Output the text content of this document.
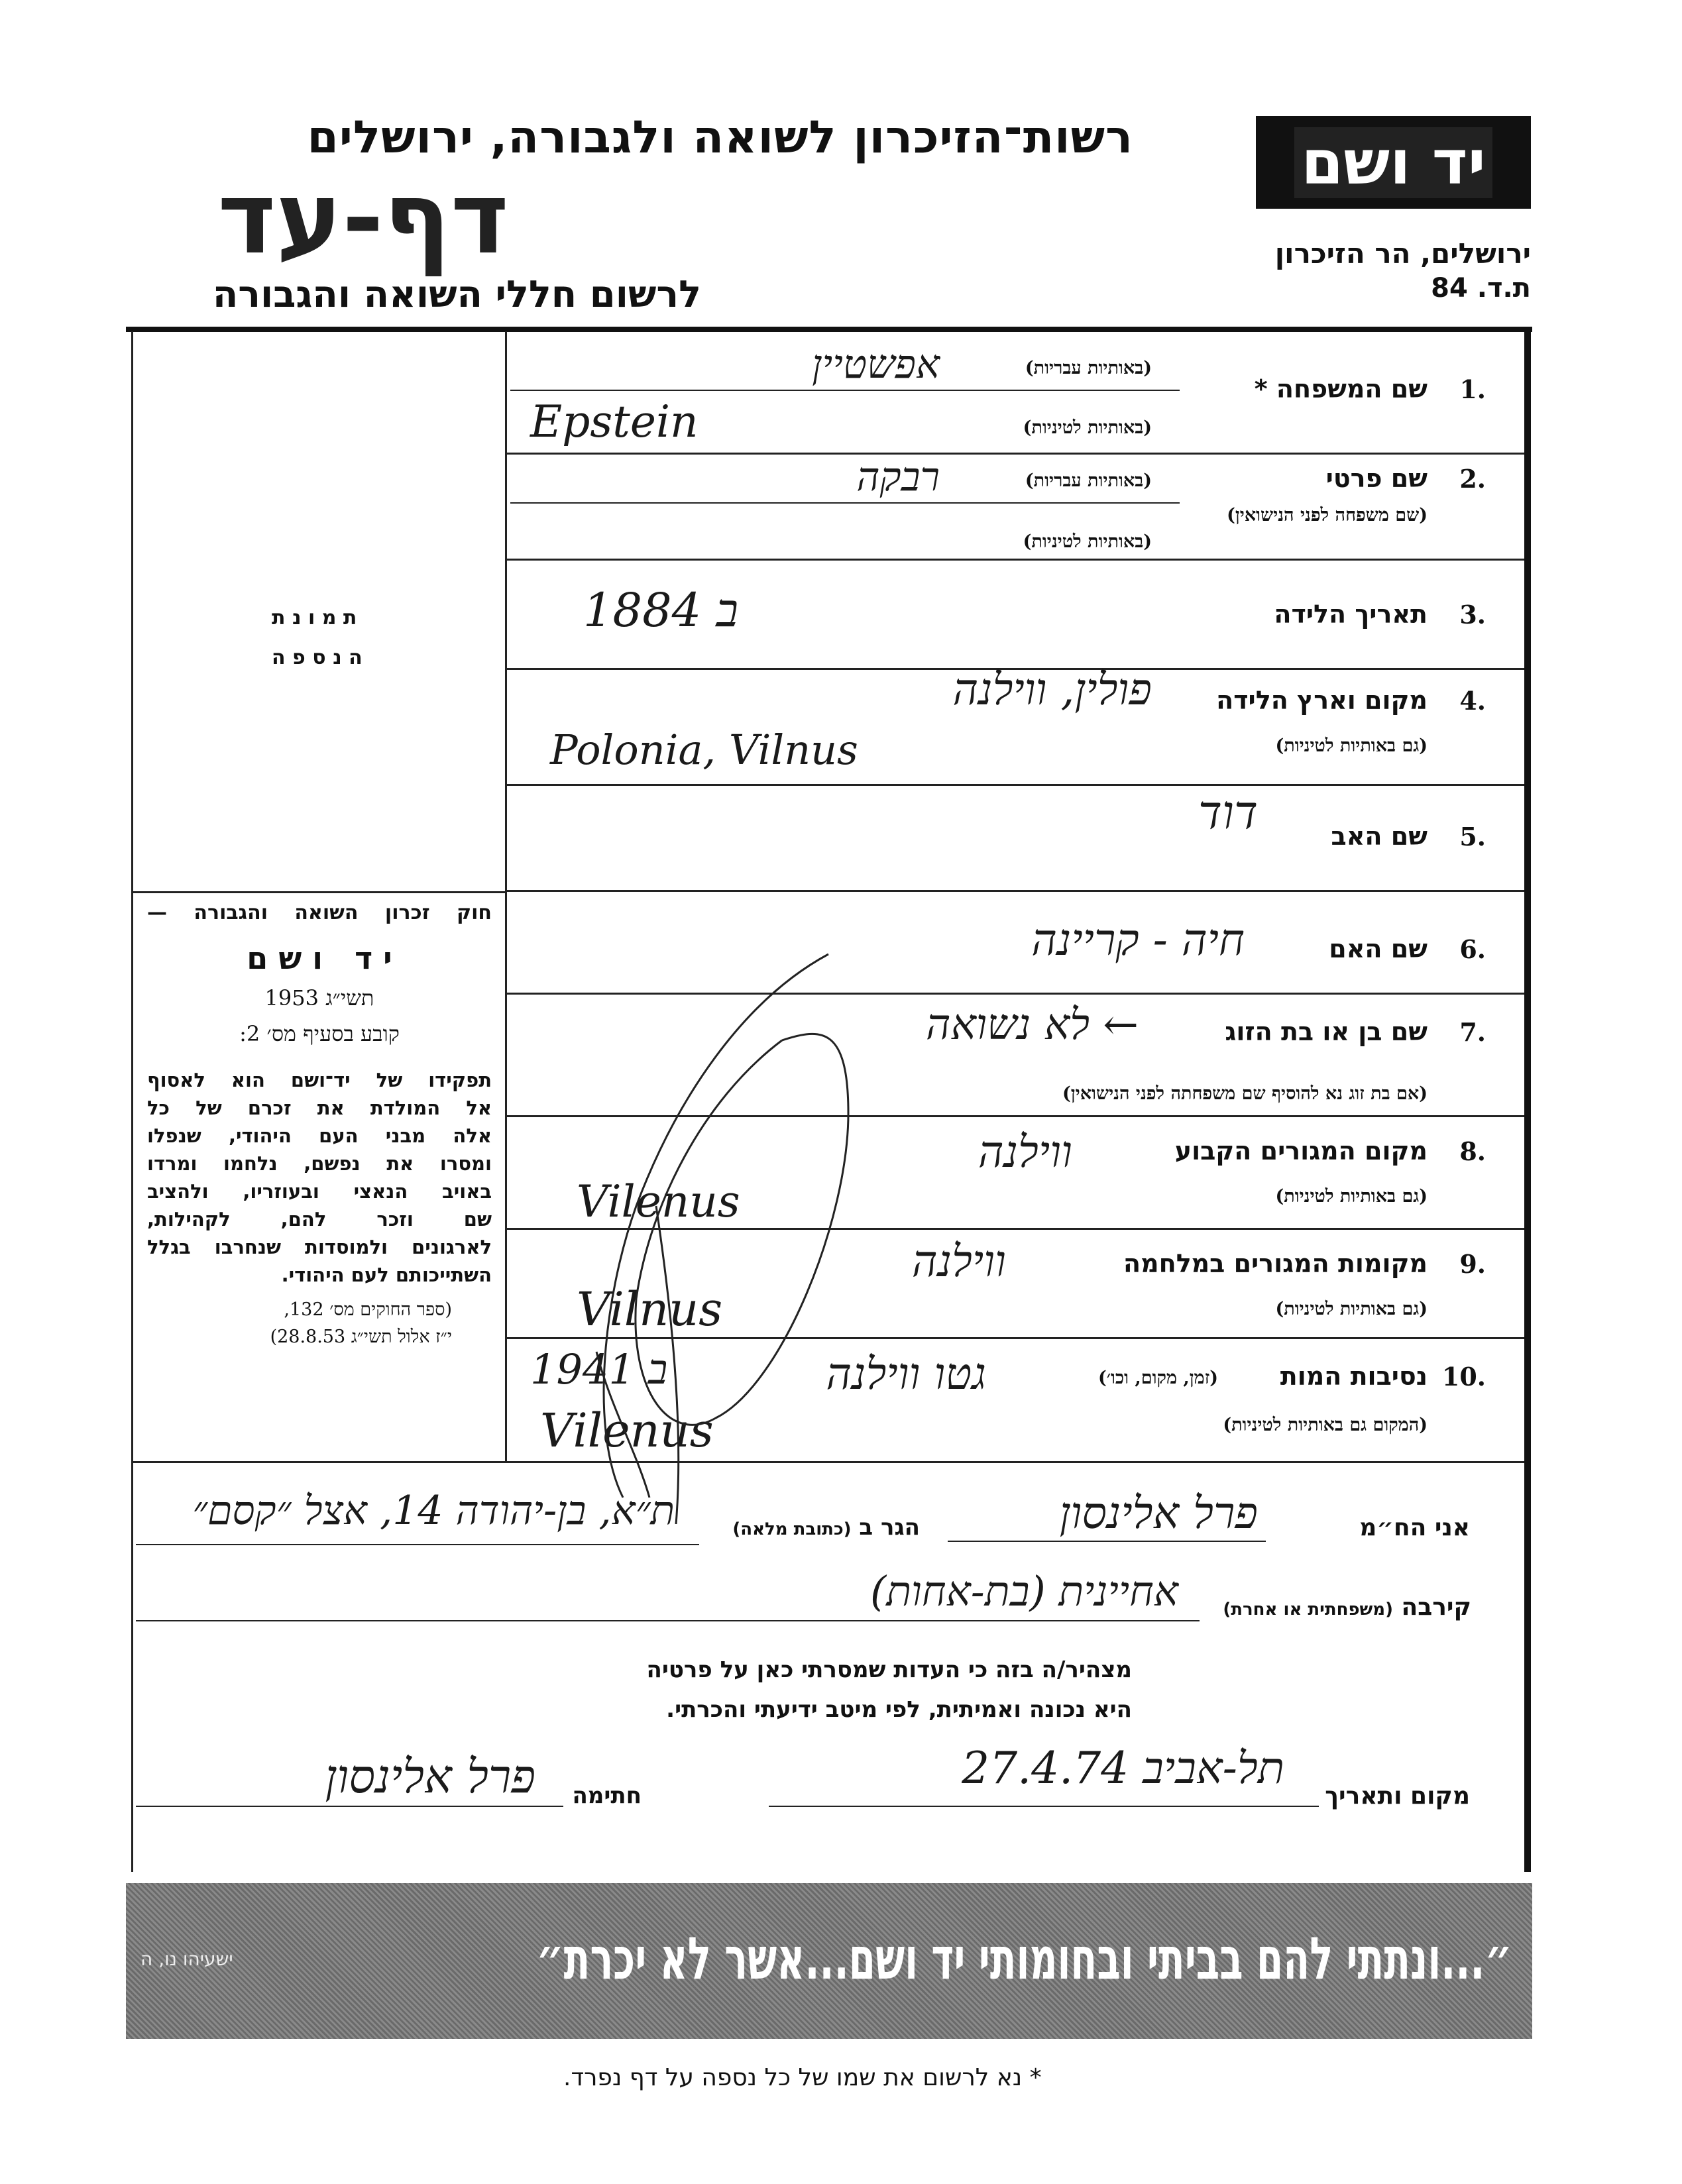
רשות־הזיכרון לשואה ולגבורה, ירושלים
דף-עד
לרשום חללי השואה והגבורה
יד ושם
ירושלים, הר הזיכרון
ת.ד. 84
ת מ ו נ ת
ה נ ס פ ה
חוק זכרון השואה והגבורה —
י ד   ו ש ם
תשי״ג 1953
קובע בסעיף מס׳ 2:
תפקידו של יד־ושם הוא לאסוף
אל המולדת את זכרם של כל
אלה מבני העם היהודי, שנפלו
ומסרו את נפשם, נלחמו ומרדו
באויב הנאצי ובעוזריו, ולהציב
שם וזכר להם, לקהילות,
לארגונים ולמוסדות שנחרבו בגלל
השתייכותם לעם היהודי.
(ספר החוקים מס׳ 132,
י״ז אלול תשי״ג 28.8.53)
1.
שם המשפחה *
(באותיות עבריות)
(באותיות לטיניות)
אפשטיין
Epstein
2.
שם פרטי
(שם משפחה לפני הנישואין)
(באותיות עבריות)
(באותיות לטיניות)
רבקה
3.
תאריך הלידה
ב 1884
4.
מקום וארץ הלידה
(גם באותיות לטיניות)
פולין, ווילנה
Polonia, Vilnus
5.
שם האב
דוד
6.
שם האם
חיה - קריינה
7.
שם בן או בת הזוג
(אם בת זוג נא להוסיף שם משפחתה לפני הנישואין)
← לא נשואה
8.
מקום המגורים הקבוע
(גם באותיות לטיניות)
ווילנה
Vilenus
9.
מקומות המגורים במלחמה
(גם באותיות לטיניות)
ווילנה
Vilnus
10.
נסיבות המות
(זמן, מקום, וכו׳)
(המקום גם באותיות לטיניות)
גטו ווילנה
ב 1941
Vilenus
אני הח״מ
פרל אלינסון
הגר ב (כתובת מלאה)
ת״א, בן-יהודה 14, אצל ״קסם״
קירבה (משפחתית או אחרת)
אחיינית (בת-אחות)
מצהיר/ה בזה כי העדות שמסרתי כאן על פרטיה
היא נכונה ואמיתית, לפי מיטב ידיעתי והכרתי.
מקום ותאריך
תל-אביב 27.4.74
חתימה
פרל אלינסון
״...ונתתי להם בביתי ובחומותי יד ושם...אשר לא יכרת״
ישעיהו נו, ה
* נא לרשום את שמו של כל נספה על דף נפרד.
